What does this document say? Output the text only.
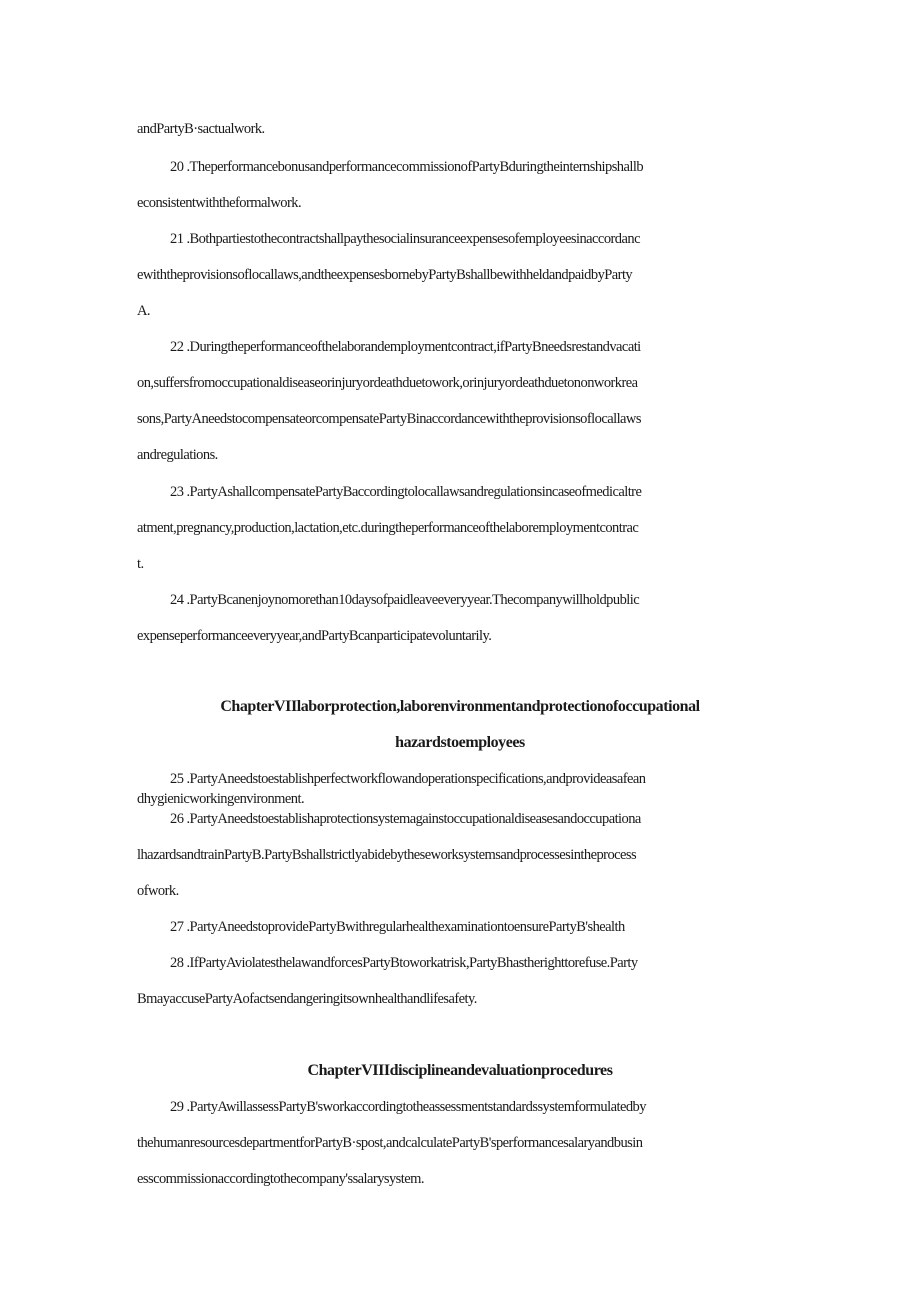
andPartyB·sactualwork.
20 .TheperformancebonusandperformancecommissionofPartyBduringtheinternshipshallb
econsistentwiththeformalwork.
21 .Bothpartiestothecontractshallpaythesocialinsuranceexpensesofemployeesinaccordanc
ewiththeprovisionsoflocallaws,andtheexpensesbornebyPartyBshallbewithheldandpaidbyParty
A.
22 .Duringtheperformanceofthelaborandemploymentcontract,ifPartyBneedsrestandvacati
on,suffersfromoccupationaldiseaseorinjuryordeathduetowork,orinjuryordeathduetononworkrea
sons,PartyAneedstocompensateorcompensatePartyBinaccordancewiththeprovisionsoflocallaws
andregulations.
23 .PartyAshallcompensatePartyBaccordingtolocallawsandregulationsincaseofmedicaltre
atment,pregnancy,production,lactation,etc.duringtheperformanceofthelaboremploymentcontrac
t.
24 .PartyBcanenjoynomorethan10daysofpaidleaveeveryyear.Thecompanywillholdpublic
expenseperformanceeveryyear,andPartyBcanparticipatevoluntarily.
ChapterVIIlaborprotection,laborenvironmentandprotectionofoccupational
hazardstoemployees
25 .PartyAneedstoestablishperfectworkflowandoperationspecifications,andprovideasafean
dhygienicworkingenvironment.
26 .PartyAneedstoestablishaprotectionsystemagainstoccupationaldiseasesandoccupationa
lhazardsandtrainPartyB.PartyBshallstrictlyabidebytheseworksystemsandprocessesintheprocess
ofwork.
27 .PartyAneedstoprovidePartyBwithregularhealthexaminationtoensurePartyB'shealth
28 .IfPartyAviolatesthelawandforcesPartyBtoworkatrisk,PartyBhastherighttorefuse.Party
BmayaccusePartyAofactsendangeringitsownhealthandlifesafety.
ChapterVIIIdisciplineandevaluationprocedures
29 .PartyAwillassessPartyB'sworkaccordingtotheassessmentstandardssystemformulatedby
thehumanresourcesdepartmentforPartyB·spost,andcalculatePartyB'sperformancesalaryandbusin
esscommissionaccordingtothecompany'ssalarysystem.
